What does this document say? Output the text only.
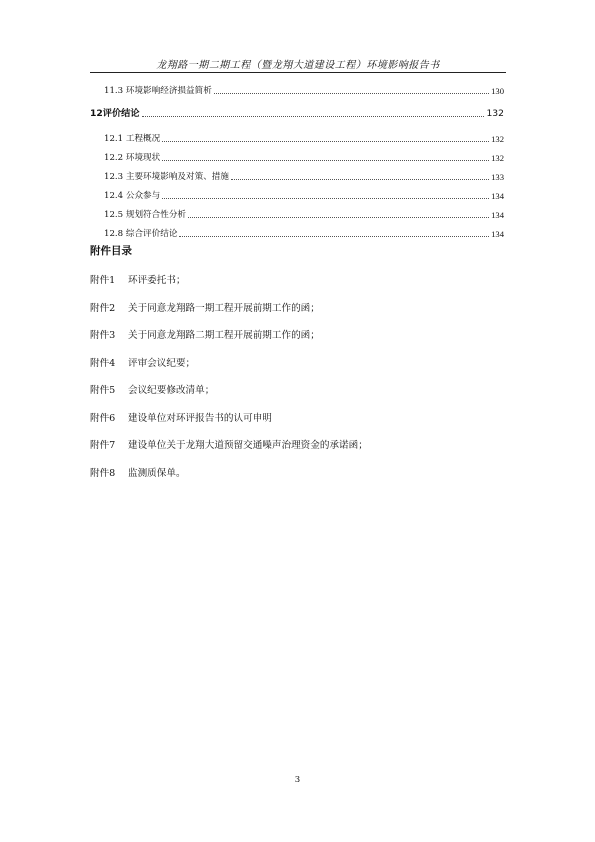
龙翔路一期二期工程（暨龙翔大道建设工程）环境影响报告书
11.3 环境影响经济损益简析	130
12评价结论	132
12.1 工程概况	132
12.2 环境现状	132
12.3 主要环境影响及对策、措施	133
12.4 公众参与	134
12.5 规划符合性分析	134
12.8 综合评价结论	134
附件目录
附件1 环评委托书；
附件2 关于同意龙翔路一期工程开展前期工作的函；
附件3 关于同意龙翔路二期工程开展前期工作的函；
附件4 评审会议纪要；
附件5 会议纪要修改清单；
附件6 建设单位对环评报告书的认可申明
附件7 建设单位关于龙翔大道预留交通噪声治理资金的承诺函；
附件8 监测质保单。
3
